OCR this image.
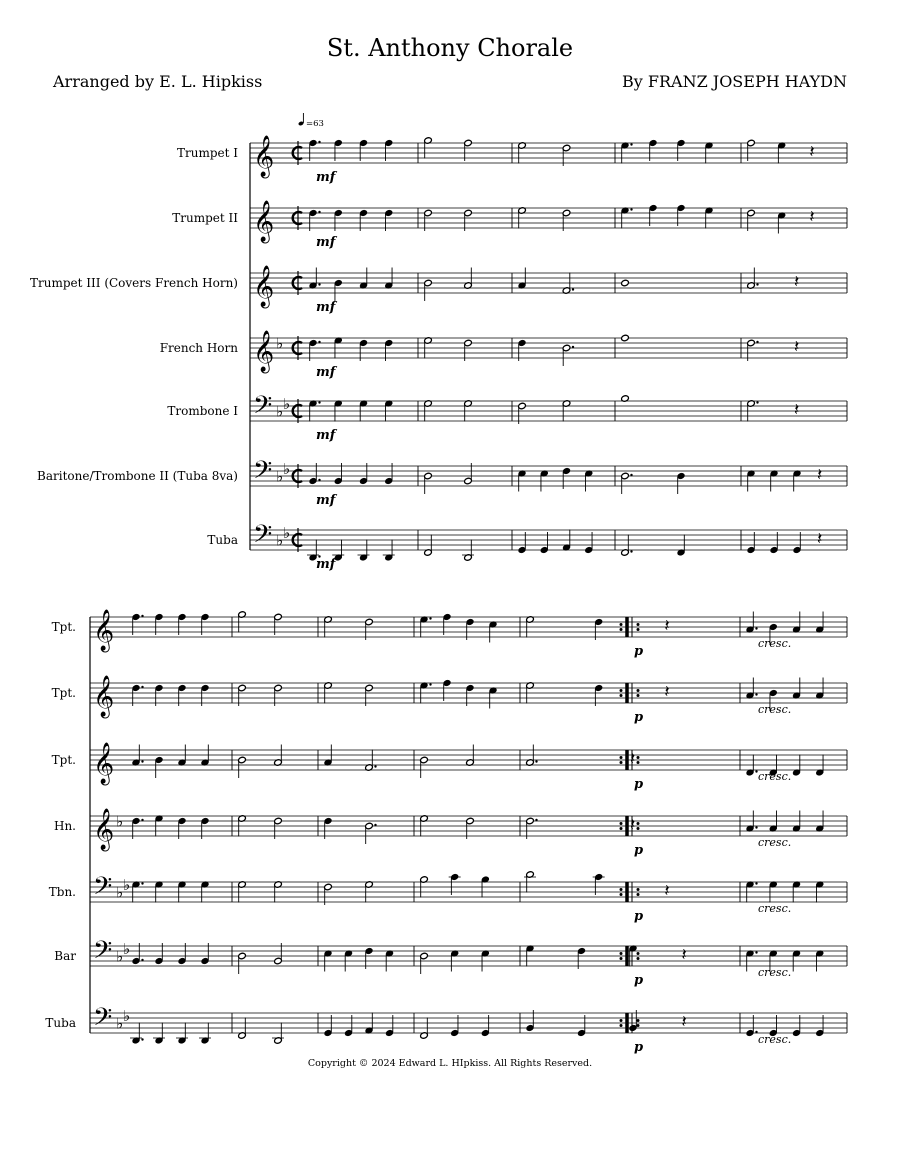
St. Anthony Chorale
Arranged by E. L. Hipkiss	By FRANZ JOSEPH HAYDN
=63
Trumpet I 𝄞	𝄽
mf
Trumpet II 𝄞	𝄽
mf
Trumpet III (Covers French Horn) 𝄞	𝄽
mf
French Horn 𝄞 ♭	𝄽
mf
Trombone I 𝄢 ♭ ♭	𝄽
mf
Baritone/Trombone II (Tuba 8va) 𝄢 ♭ ♭	𝄽
mf
Tuba 𝄢 ♭ ♭	𝄽
mf
Tpt. 𝄞	𝄽
p
cresc.
Tpt. 𝄞	𝄽
p
cresc.
Tpt. 𝄞	𝄽
p
cresc.
Hn. 𝄞 ♭	𝄽
p
cresc.
Tbn. 𝄢 ♭ ♭	𝄽
p
cresc.
Bar 𝄢 ♭ ♭	𝄽
p
cresc.
Tuba 𝄢 ♭ ♭	𝄽
p
cresc.
Copyright © 2024 Edward L. HIpkiss. All Rights Reserved.
